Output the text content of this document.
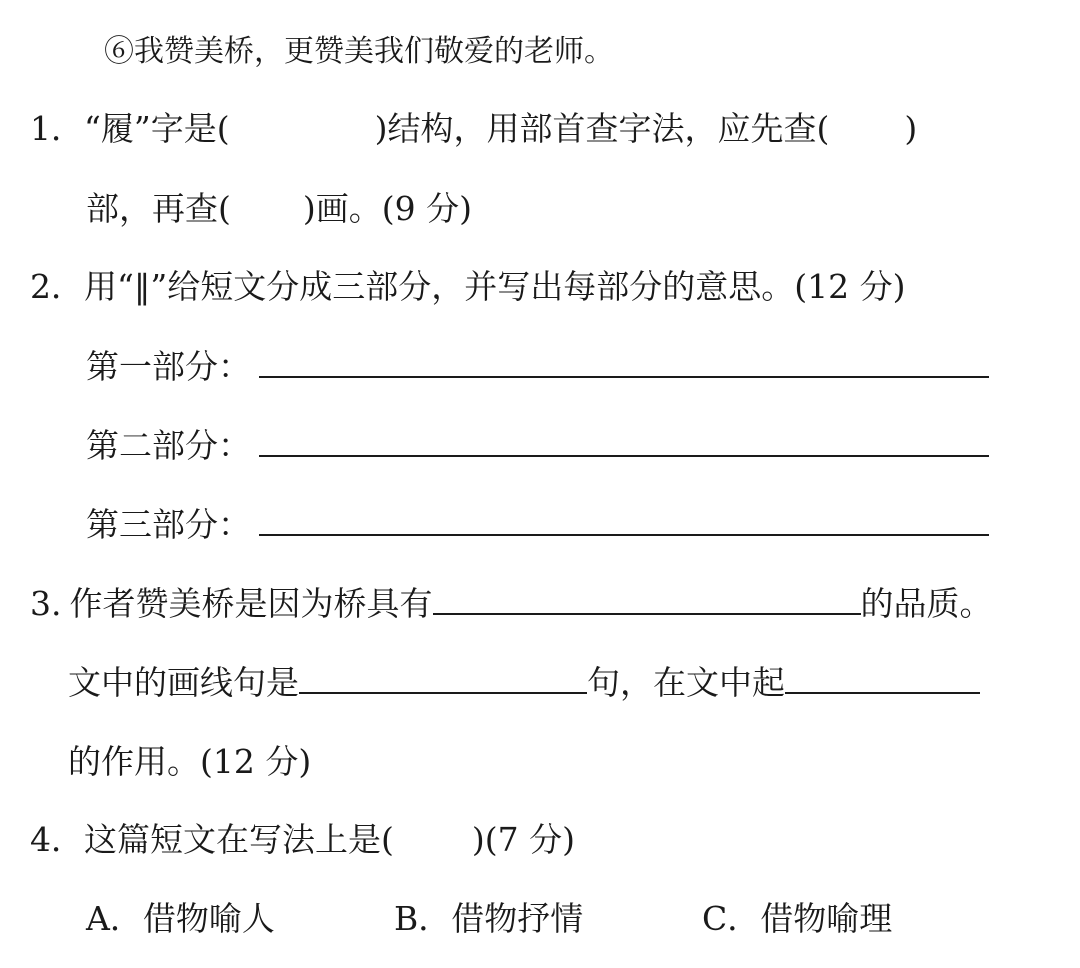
⑥我赞美桥，更赞美我们敬爱的老师。
1．“履”字是(	)结构，用部首查字法，应先查( )
部，再查( )画。(9 分)
2．用“‖”给短文分成三部分，并写出每部分的意思。(12 分)
第一部分：
第二部分：
第三部分：
3. 作者赞美桥是因为桥具有	的品质。
文中的画线句是	句，在文中起
的作用。(12 分)
4．这篇短文在写法上是( )(7 分)
A．借物喻人	B．借物抒情	C．借物喻理
